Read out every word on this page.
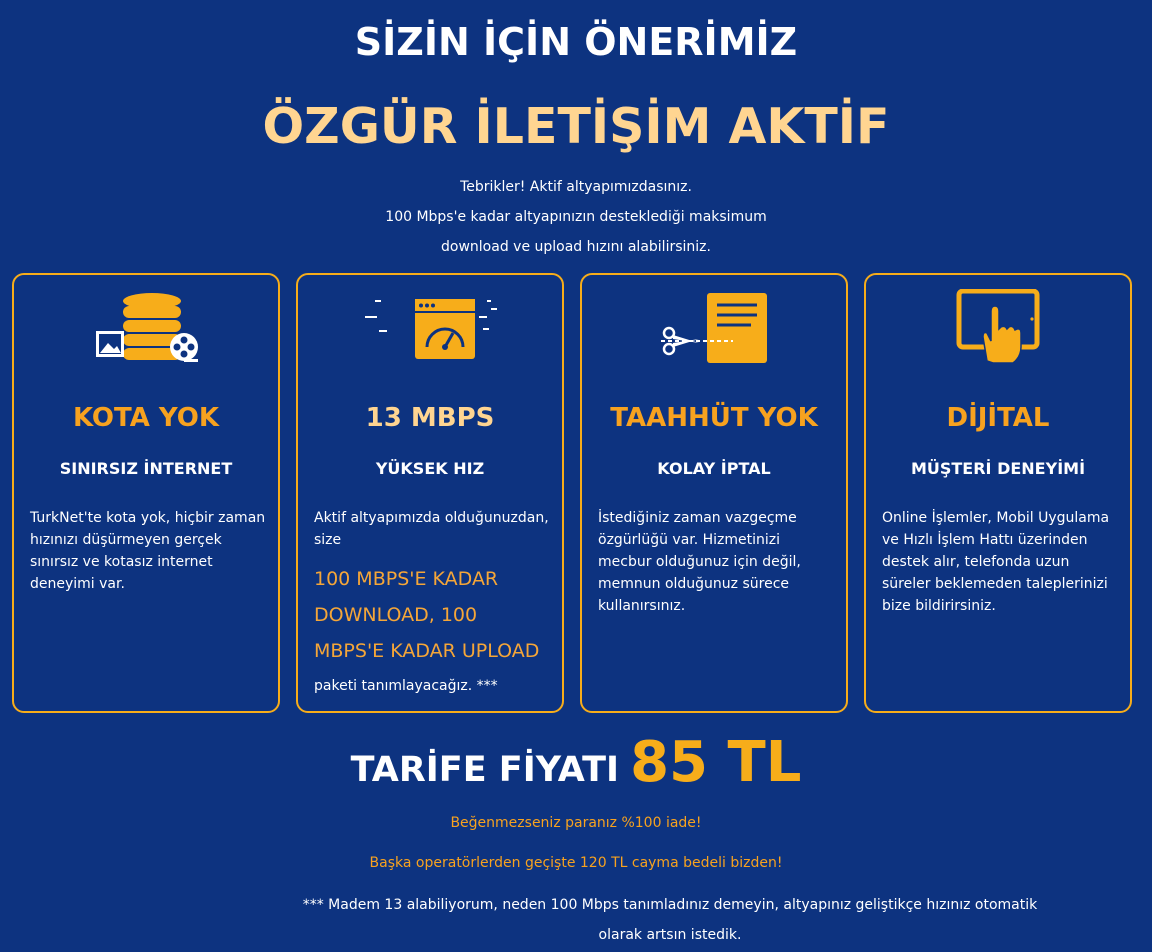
SİZİN İÇİN ÖNERİMİZ
ÖZGÜR İLETİŞİM AKTİF
Tebrikler! Aktif altyapımızdasınız.
100 Mbps'e kadar altyapınızın desteklediği maksimum
download ve upload hızını alabilirsiniz.
KOTA YOK
SINIRSIZ İNTERNET
TurkNet'te kota yok, hiçbir zaman hızınızı düşürmeyen gerçek sınırsız ve kotasız internet deneyimi var.
13 MBPS
YÜKSEK HIZ
Aktif altyapımızda olduğunuzdan, size
100 MBPS'E KADAR DOWNLOAD, 100 MBPS'E KADAR UPLOAD
paketi tanımlayacağız. ***
TAAHHÜT YOK
KOLAY İPTAL
İstediğiniz zaman vazgeçme özgürlüğü var. Hizmetinizi mecbur olduğunuz için değil, memnun olduğunuz sürece kullanırsınız.
DİJİTAL
MÜŞTERİ DENEYİMİ
Online İşlemler, Mobil Uygulama ve Hızlı İşlem Hattı üzerinden destek alır, telefonda uzun süreler beklemeden taleplerinizi bize bildirirsiniz.
TARİFE FİYATI 85 TL
Beğenmezseniz paranız %100 iade!
Başka operatörlerden geçişte 120 TL cayma bedeli bizden!
*** Madem 13 alabiliyorum, neden 100 Mbps tanımladınız demeyin, altyapınız geliştikçe hızınız otomatik olarak artsın istedik.
